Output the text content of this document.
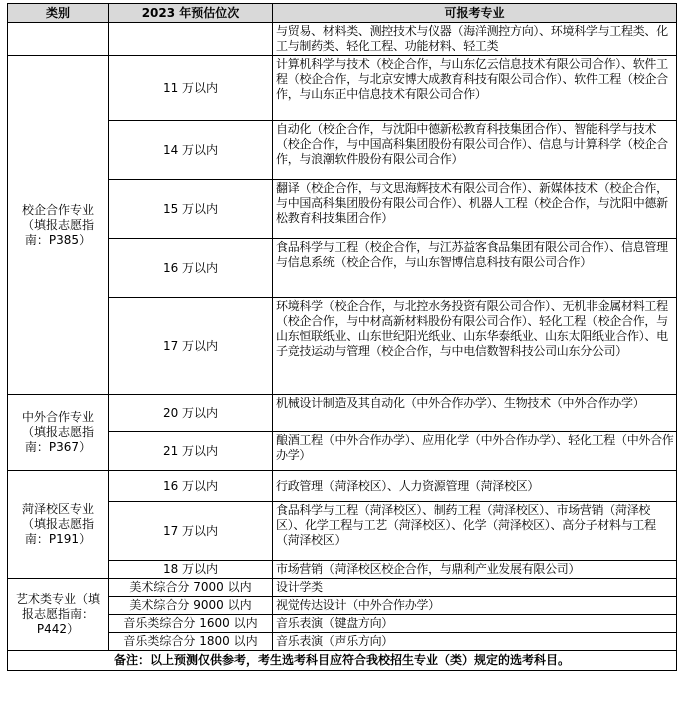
类别	2023 年预估位次	可报考专业
		与贸易、材料类、测控技术与仪器（海洋测控方向）、环境科学与工程类、化工与制药类、轻化工程、功能材料、轻工类
校企合作专业（填报志愿指南：P385）	11 万以内	计算机科学与技术（校企合作，与山东亿云信息技术有限公司合作）、软件工程（校企合作，与北京安博大成教育科技有限公司合作）、软件工程（校企合作，与山东正中信息技术有限公司合作）
	14 万以内	自动化（校企合作，与沈阳中德新松教育科技集团合作）、智能科学与技术（校企合作，与中国高科集团股份有限公司合作）、信息与计算科学（校企合作，与浪潮软件股份有限公司合作）
	15 万以内	翻译（校企合作，与文思海辉技术有限公司合作）、新媒体技术（校企合作，与中国高科集团股份有限公司合作）、机器人工程（校企合作，与沈阳中德新松教育科技集团合作）
	16 万以内	食品科学与工程（校企合作，与江苏益客食品集团有限公司合作）、信息管理与信息系统（校企合作，与山东智博信息科技有限公司合作）
	17 万以内	环境科学（校企合作，与北控水务投资有限公司合作）、无机非金属材料工程（校企合作，与中材高新材料股份有限公司合作）、轻化工程（校企合作，与山东恒联纸业、山东世纪阳光纸业、山东华泰纸业、山东太阳纸业合作）、电子竞技运动与管理（校企合作，与中电信数智科技公司山东分公司）
中外合作专业（填报志愿指南：P367）	20 万以内	机械设计制造及其自动化（中外合作办学）、生物技术（中外合作办学）
	21 万以内	酿酒工程（中外合作办学）、应用化学（中外合作办学）、轻化工程（中外合作办学）
菏泽校区专业（填报志愿指南：P191）	16 万以内	行政管理（菏泽校区）、人力资源管理（菏泽校区）
	17 万以内	食品科学与工程（菏泽校区）、制药工程（菏泽校区）、市场营销（菏泽校区）、化学工程与工艺（菏泽校区）、化学（菏泽校区）、高分子材料与工程（菏泽校区）
	18 万以内	市场营销（菏泽校区校企合作，与鼎利产业发展有限公司）
艺术类专业（填报志愿指南：P442）	美术综合分 7000 以内	设计学类
	美术综合分 9000 以内	视觉传达设计（中外合作办学）
	音乐类综合分 1600 以内	音乐表演（键盘方向）
	音乐类综合分 1800 以内	音乐表演（声乐方向）
备注：以上预测仅供参考，考生选考科目应符合我校招生专业（类）规定的选考科目。		
